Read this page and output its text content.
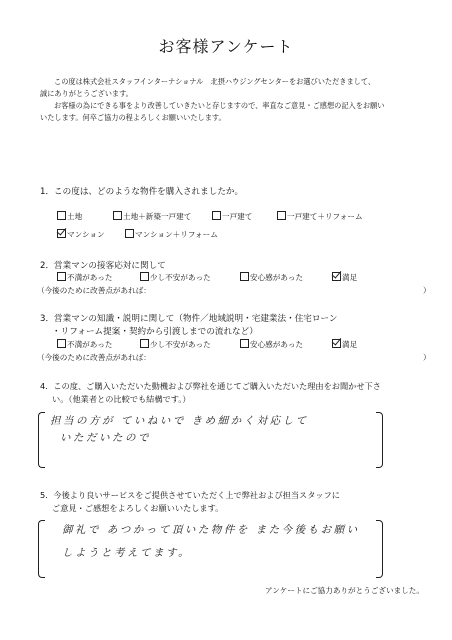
お客様アンケート
この度は株式会社スタッフインターナショナル　北摂ハウジングセンターをお選びいただきまして、
誠にありがとうございます。
お客様の為にできる事をより改善していきたいと存じますので、率直なご意見・ご感想の記入をお願い
いたします。何卒ご協力の程よろしくお願いいたします。
1．この度は、どのような物件を購入されましたか。
土地	土地＋新築一戸建て	一戸建て	一戸建て＋リフォーム
マンション	マンション＋リフォーム
2．営業マンの接客応対に関して
不満があった	少し不安があった	安心感があった	満足
（今後のために改善点があれば：	）
3．営業マンの知識・説明に関して（物件／地域説明・宅建業法・住宅ローン
・リフォーム提案・契約から引渡しまでの流れなど）
不満があった	少し不安があった	安心感があった	満足
（今後のために改善点があれば：	）
4．この度、ご購入いただいた動機および弊社を通じてご購入いただいた理由をお聞かせ下さ
い。（他業者との比較でも結構です。）
担当の方が ていねいで きめ細かく対応して
いただいたので
5．今後より良いサービスをご提供させていただく上で弊社および担当スタッフに
ご意見・ご感想をよろしくお願いいたします。
御礼で あつかって頂いた物件を また今後もお願い
しようと考えてます。
アンケートにご協力ありがとうございました。
